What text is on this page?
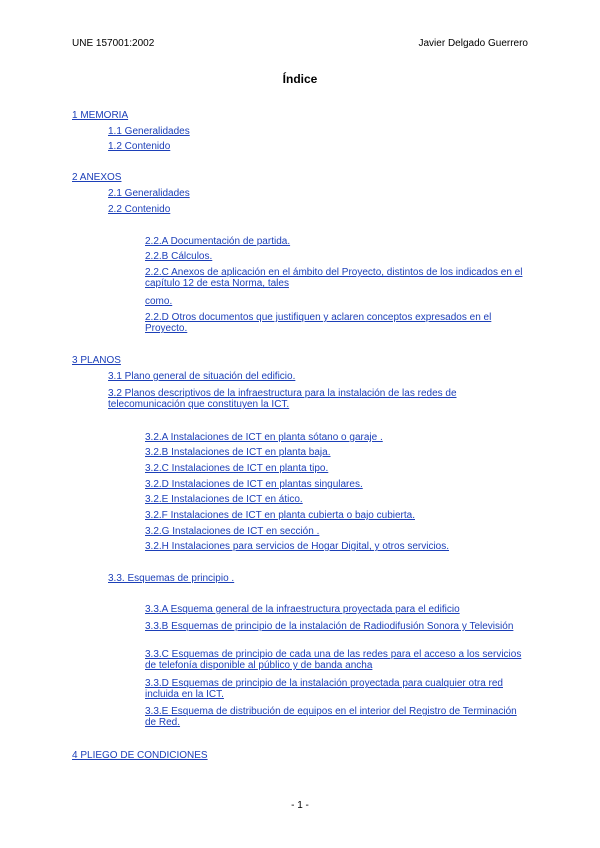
UNE 157001:2002	Javier Delgado Guerrero
Índice
1 MEMORIA
1.1 Generalidades
1.2 Contenido
2 ANEXOS
2.1 Generalidades
2.2 Contenido
2.2.A Documentación de partida.
2.2.B Cálculos.
2.2.C Anexos de aplicación en el ámbito del Proyecto, distintos de los indicados en el capítulo 12 de esta Norma, tales
como.
2.2.D Otros documentos que justifiquen y aclaren conceptos expresados en el Proyecto.
3 PLANOS
3.1 Plano general de situación del edificio.
3.2 Planos descriptivos de la infraestructura para la instalación de las redes de telecomunicación que constituyen la ICT.
3.2.A Instalaciones de ICT en planta sótano o garaje .
3.2.B Instalaciones de ICT en planta baja.
3.2.C Instalaciones de ICT en planta tipo.
3.2.D Instalaciones de ICT en plantas singulares.
3.2.E Instalaciones de ICT en ático.
3.2.F Instalaciones de ICT en planta cubierta o bajo cubierta.
3.2.G Instalaciones de ICT en sección .
3.2.H Instalaciones para servicios de Hogar Digital, y otros servicios.
3.3. Esquemas de principio .
3.3.A Esquema general de la infraestructura proyectada para el edificio
3.3.B Esquemas de principio de la instalación de Radiodifusión Sonora y Televisión
3.3.C Esquemas de principio de cada una de las redes para el acceso a los servicios de telefonía disponible al público y de banda ancha
3.3.D Esquemas de principio de la instalación proyectada para cualquier otra red incluida en la ICT.
3.3.E Esquema de distribución de equipos en el interior del Registro de Terminación de Red.
4 PLIEGO DE CONDICIONES
- 1 -
